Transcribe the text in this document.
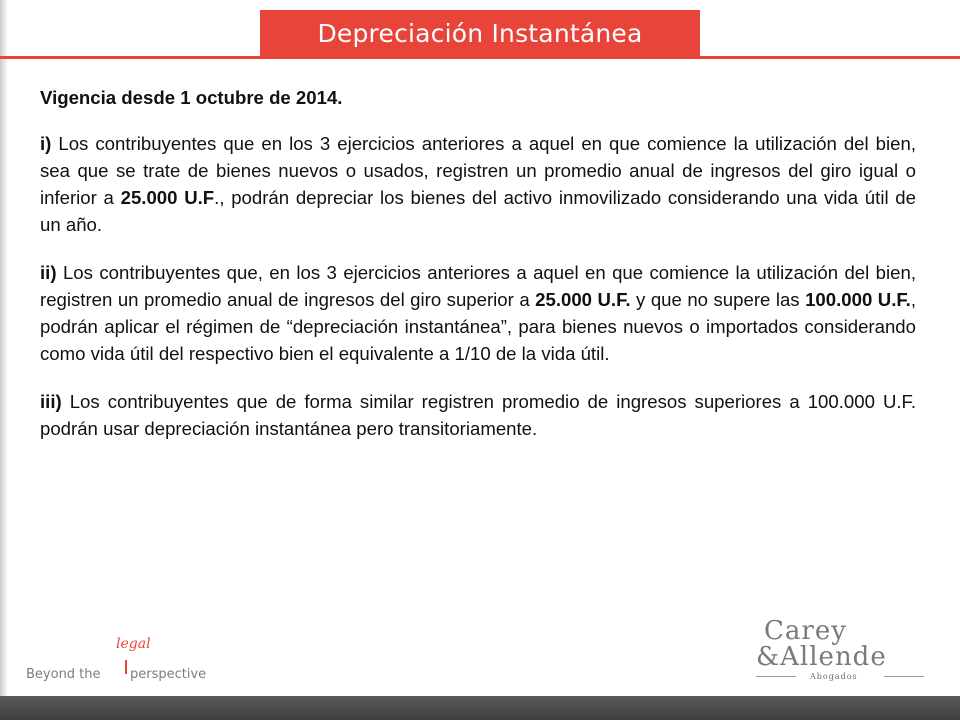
Depreciación Instantánea

Vigencia desde 1 octubre de 2014.

i) Los contribuyentes que en los 3 ejercicios anteriores a aquel en que comience la utilización del bien, sea que se trate de bienes nuevos o usados, registren un promedio anual de ingresos del giro igual o inferior a 25.000 U.F., podrán depreciar los bienes del activo inmovilizado considerando una vida útil de un año.

ii) Los contribuyentes que, en los 3 ejercicios anteriores a aquel en que comience la utilización del bien, registren un promedio anual de ingresos del giro superior a 25.000 U.F. y que no supere las 100.000 U.F., podrán aplicar el régimen de “depreciación instantánea”, para bienes nuevos o importados considerando como vida útil del respectivo bien el equivalente a 1/10 de la vida útil.

iii) Los contribuyentes que de forma similar registren promedio de ingresos superiores a 100.000 U.F. podrán usar depreciación instantánea pero transitoriamente.

legal
Beyond the perspective
Carey
&Allende
Abogados
